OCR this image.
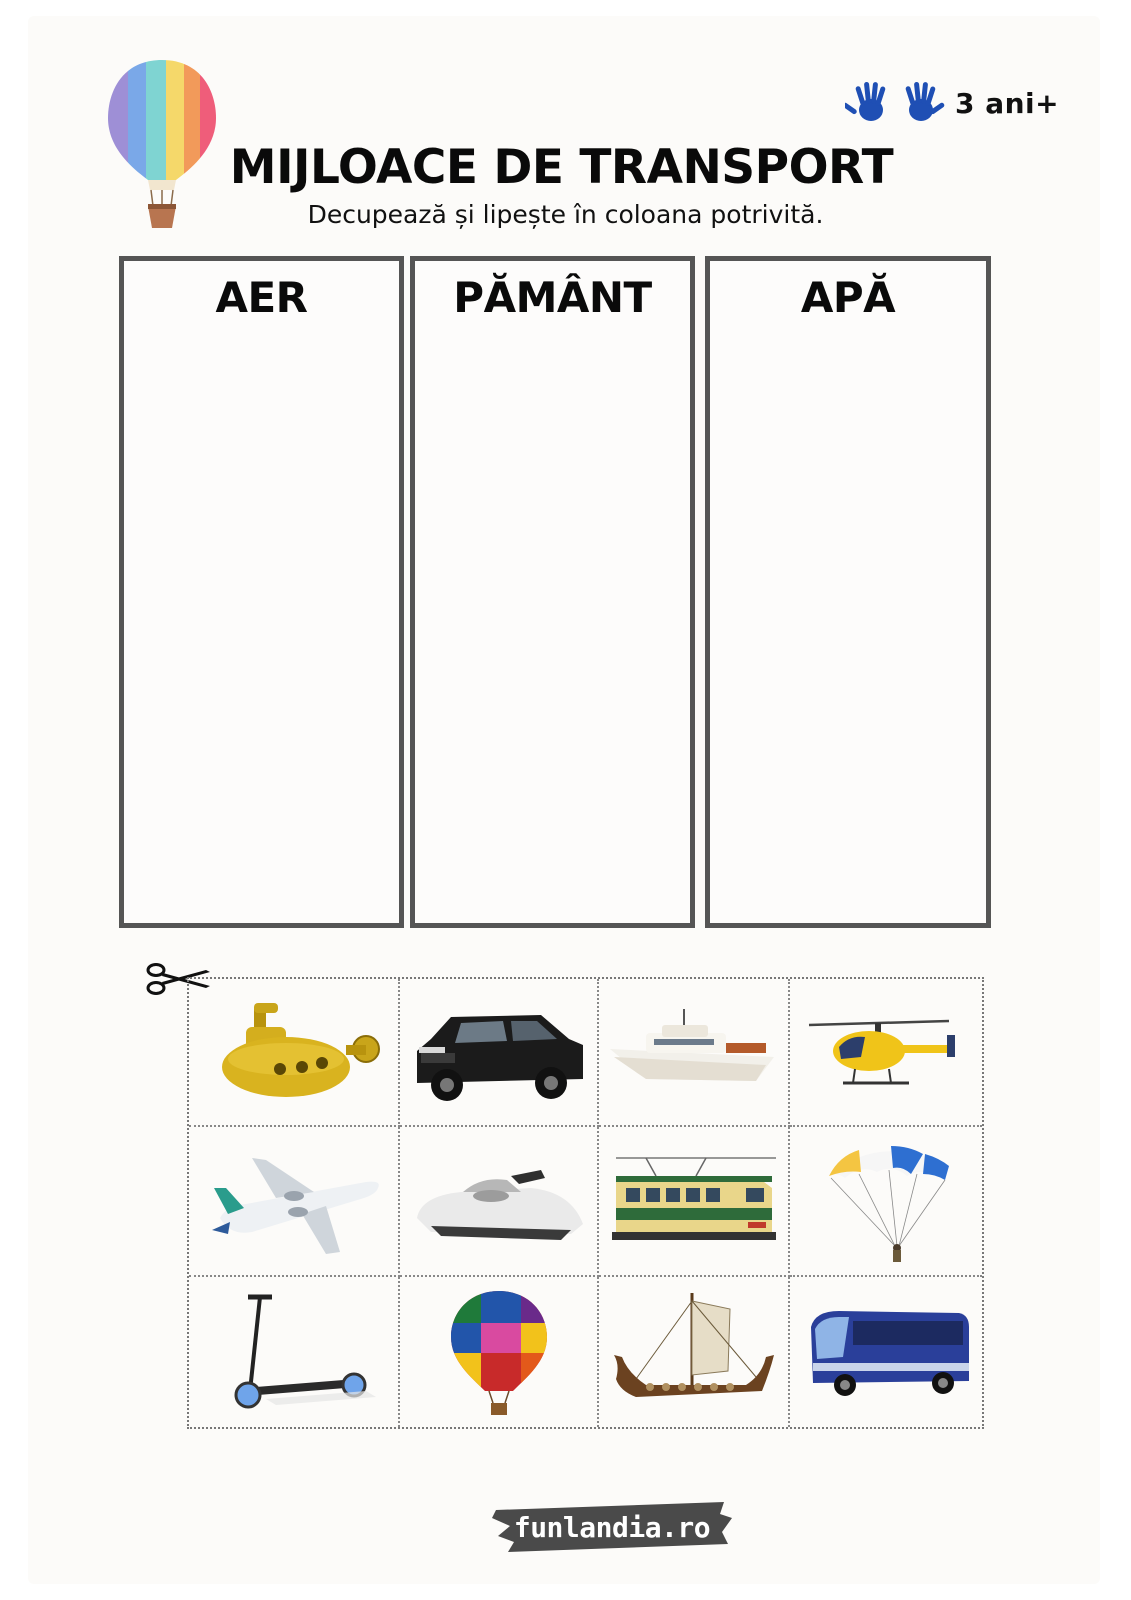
3 ani+
MIJLOACE DE TRANSPORT
Decupează și lipește în coloana potrivită.
AER	PĂMÂNT	APĂ
funlandia.ro
